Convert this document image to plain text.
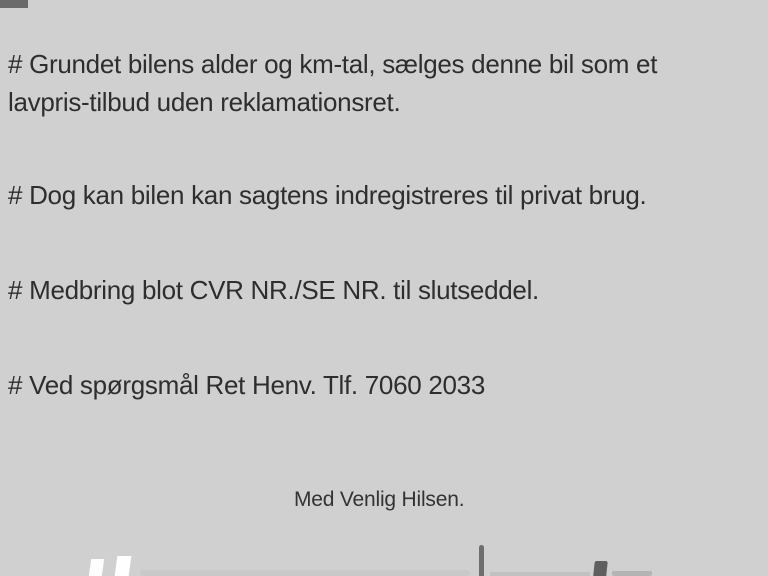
# Grundet bilens alder og km-tal, sælges denne bil som et
lavpris-tilbud uden reklamationsret.
# Dog kan bilen kan sagtens indregistreres til privat brug.
# Medbring blot CVR NR./SE NR. til slutseddel.
# Ved spørgsmål Ret Henv. Tlf. 7060 2033
Med Venlig Hilsen.
